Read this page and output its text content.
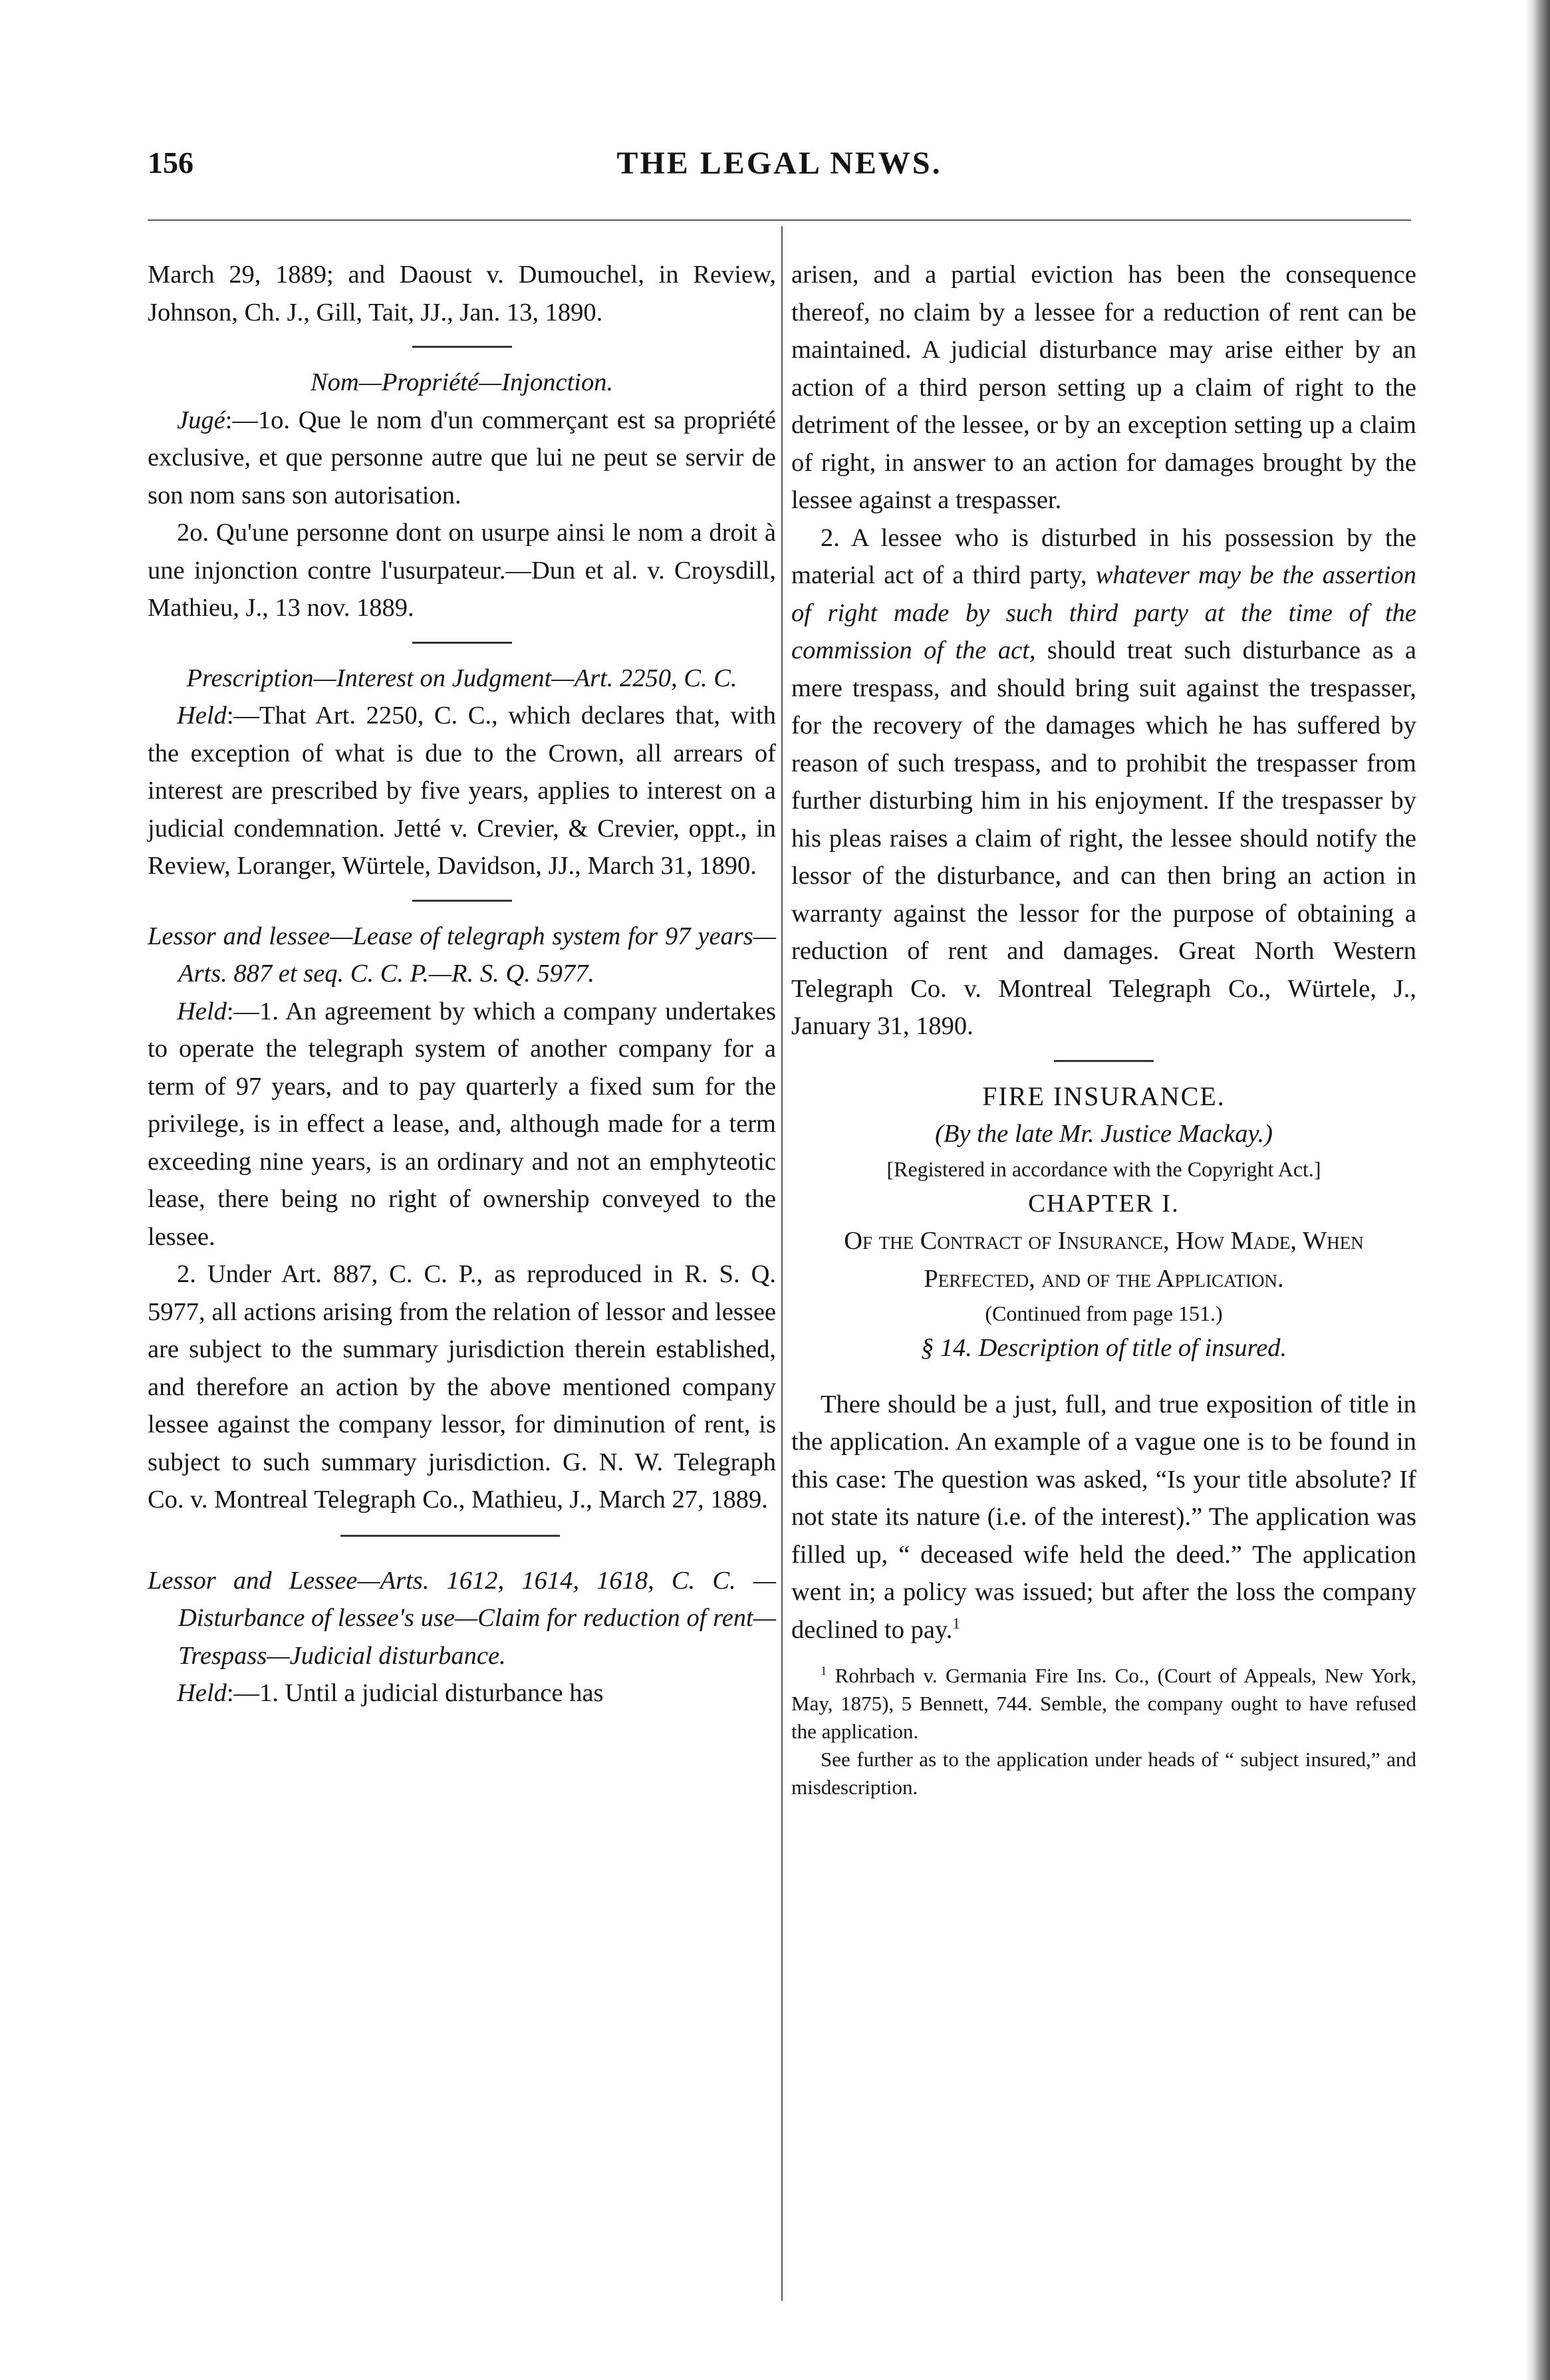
156	THE LEGAL NEWS.

March 29, 1889; and Daoust v. Dumouchel, in Review, Johnson, Ch. J., Gill, Tait, JJ., Jan. 13, 1890.

Nom—Propriété—Injonction.

Jugé:—1o. Que le nom d'un commerçant est sa propriété exclusive, et que personne autre que lui ne peut se servir de son nom sans son autorisation.

2o. Qu'une personne dont on usurpe ainsi le nom a droit à une injonction contre l'usurpateur.—Dun et al. v. Croysdill, Mathieu, J., 13 nov. 1889.

Prescription—Interest on Judgment—Art. 2250, C. C.

Held:—That Art. 2250, C. C., which declares that, with the exception of what is due to the Crown, all arrears of interest are prescribed by five years, applies to interest on a judicial condemnation. Jetté v. Crevier, & Crevier, oppt., in Review, Loranger, Würtele, Davidson, JJ., March 31, 1890.

Lessor and lessee—Lease of telegraph system for 97 years—Arts. 887 et seq. C. C. P.—R. S. Q. 5977.

Held:—1. An agreement by which a company undertakes to operate the telegraph system of another company for a term of 97 years, and to pay quarterly a fixed sum for the privilege, is in effect a lease, and, although made for a term exceeding nine years, is an ordinary and not an emphyteotic lease, there being no right of ownership conveyed to the lessee.

2. Under Art. 887, C. C. P., as reproduced in R. S. Q. 5977, all actions arising from the relation of lessor and lessee are subject to the summary jurisdiction therein established, and therefore an action by the above mentioned company lessee against the company lessor, for diminution of rent, is subject to such summary jurisdiction. G. N. W. Telegraph Co. v. Montreal Telegraph Co., Mathieu, J., March 27, 1889.

Lessor and Lessee—Arts. 1612, 1614, 1618, C. C. —Disturbance of lessee's use—Claim for reduction of rent—Trespass—Judicial disturbance.

Held:—1. Until a judicial disturbance has

arisen, and a partial eviction has been the consequence thereof, no claim by a lessee for a reduction of rent can be maintained. A judicial disturbance may arise either by an action of a third person setting up a claim of right to the detriment of the lessee, or by an exception setting up a claim of right, in answer to an action for damages brought by the lessee against a trespasser.

2. A lessee who is disturbed in his possession by the material act of a third party, whatever may be the assertion of right made by such third party at the time of the commission of the act, should treat such disturbance as a mere trespass, and should bring suit against the trespasser, for the recovery of the damages which he has suffered by reason of such trespass, and to prohibit the trespasser from further disturbing him in his enjoyment. If the trespasser by his pleas raises a claim of right, the lessee should notify the lessor of the disturbance, and can then bring an action in warranty against the lessor for the purpose of obtaining a reduction of rent and damages. Great North Western Telegraph Co. v. Montreal Telegraph Co., Würtele, J., January 31, 1890.

FIRE INSURANCE.

(By the late Mr. Justice Mackay.)

[Registered in accordance with the Copyright Act.]

CHAPTER I.

Of the Contract of Insurance, How Made, When Perfected, and of the Application.

(Continued from page 151.)

§ 14. Description of title of insured.

There should be a just, full, and true exposition of title in the application. An example of a vague one is to be found in this case: The question was asked, “Is your title absolute? If not state its nature (i.e. of the interest).” The application was filled up, “ deceased wife held the deed.” The application went in; a policy was issued; but after the loss the company declined to pay.$^1$

$^1$ Rohrbach v. Germania Fire Ins. Co., (Court of Appeals, New York, May, 1875), 5 Bennett, 744. Semble, the company ought to have refused the application.

See further as to the application under heads of “ subject insured,” and misdescription.
